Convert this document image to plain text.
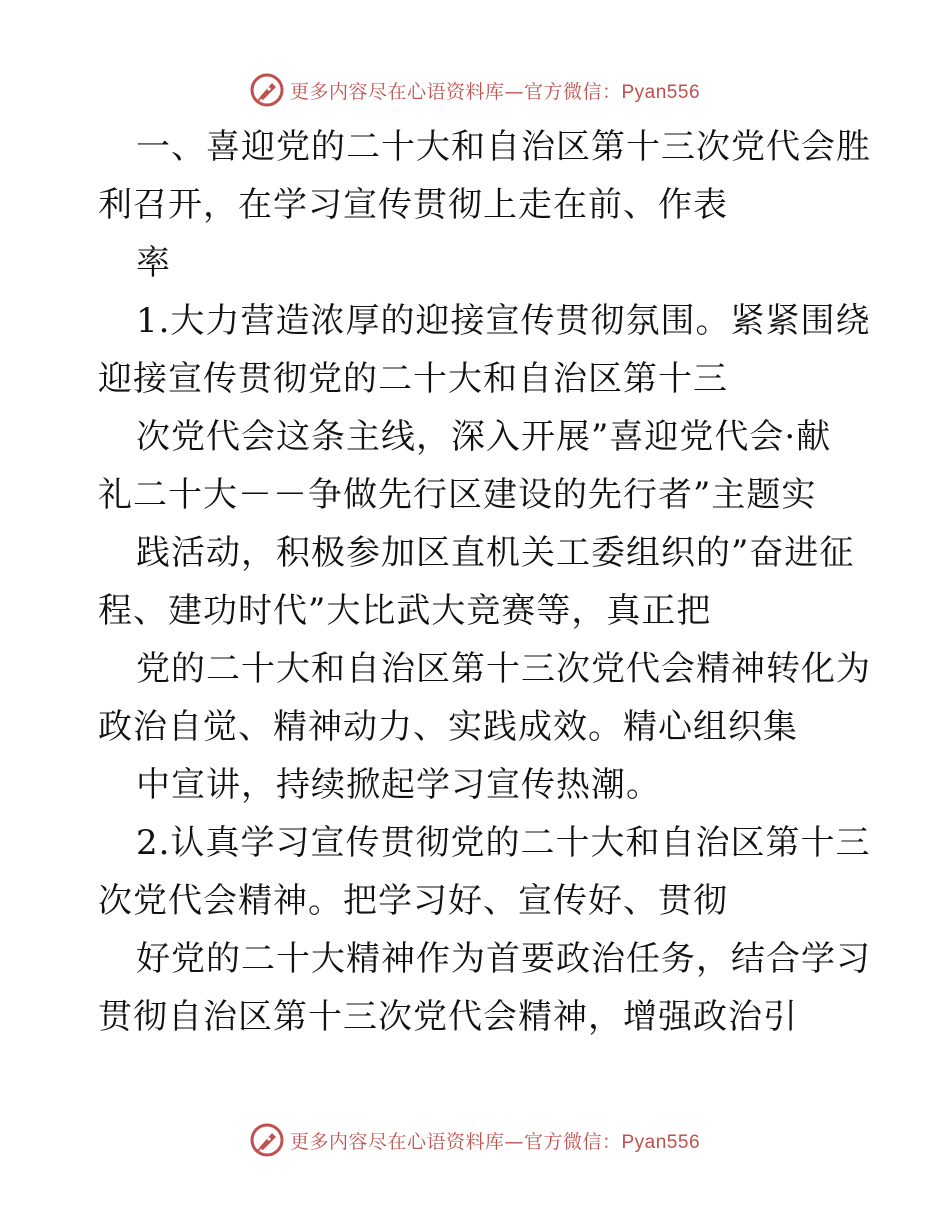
更多内容尽在心语资料库—官方微信：Pyan556
一、喜迎党的二十大和自治区第十三次党代会胜
利召开，在学习宣传贯彻上走在前、作表
率
1.大力营造浓厚的迎接宣传贯彻氛围。紧紧围绕
迎接宣传贯彻党的二十大和自治区第十三
次党代会这条主线，深入开展”喜迎党代会·献
礼二十大－－争做先行区建设的先行者”主题实
践活动，积极参加区直机关工委组织的”奋进征
程、建功时代”大比武大竞赛等，真正把
党的二十大和自治区第十三次党代会精神转化为
政治自觉、精神动力、实践成效。精心组织集
中宣讲，持续掀起学习宣传热潮。
2.认真学习宣传贯彻党的二十大和自治区第十三
次党代会精神。把学习好、宣传好、贯彻
好党的二十大精神作为首要政治任务，结合学习
贯彻自治区第十三次党代会精神，增强政治引
更多内容尽在心语资料库—官方微信：Pyan556
